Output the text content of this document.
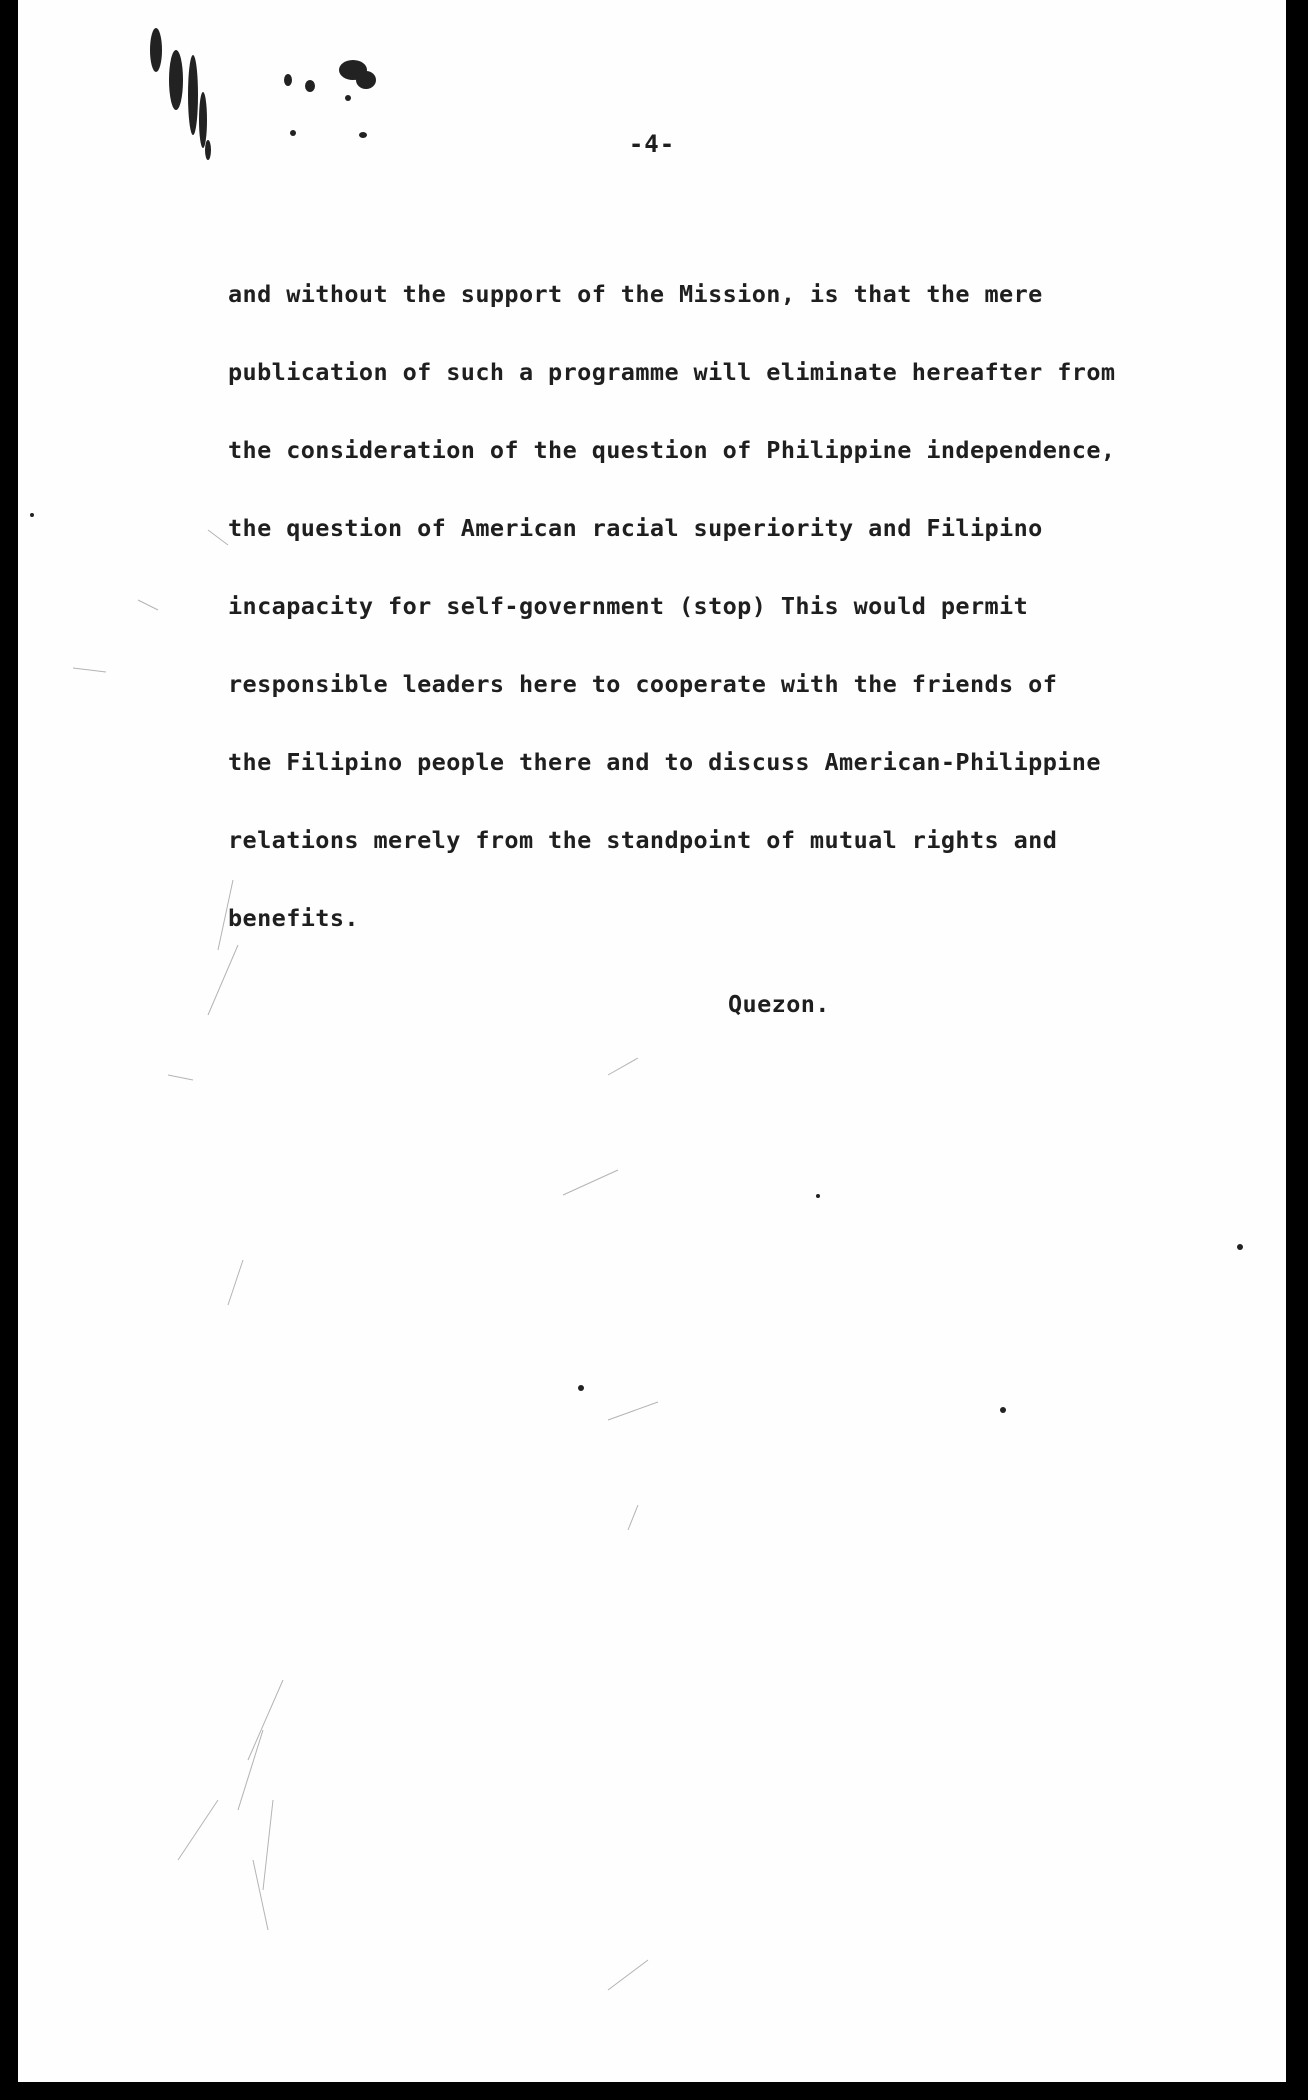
-4-
and without the support of the Mission, is that the mere
publication of such a programme will eliminate hereafter from
the consideration of the question of Philippine independence,
the question of American racial superiority and Filipino
incapacity for self-government (stop) This would permit
responsible leaders here to cooperate with the friends of
the Filipino people there and to discuss American-Philippine
relations merely from the standpoint of mutual rights and
benefits.
Quezon.
